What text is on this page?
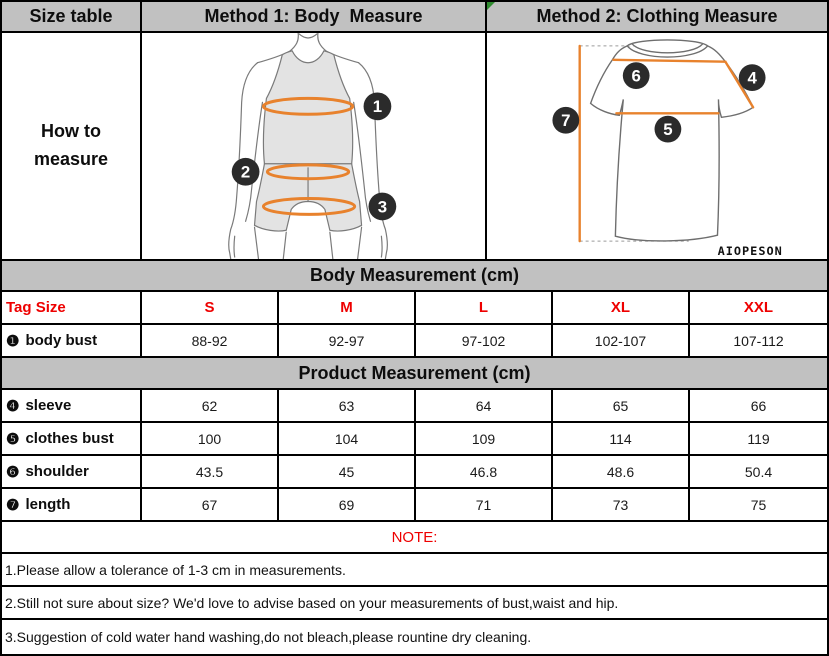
Size table	Method 1: Body  Measure	Method 2: Clothing Measure
How to measure
1
2
3
6	4
7	5
AIOPESON
Body Measurement (cm)
Tag Size	S	M	L	XL	XXL
❶ body bust	88-92	92-97	97-102	102-107	107-112
Product Measurement (cm)
❹ sleeve	62	63	64	65	66
❺ clothes bust	100	104	109	114	119
❻ shoulder	43.5	45	46.8	48.6	50.4
❼ length	67	69	71	73	75
NOTE:
1.Please allow a tolerance of 1-3 cm in measurements.
2.Still not sure about size? We'd love to advise based on your measurements of bust,waist and hip.
3.Suggestion of cold water hand washing,do not bleach,please rountine dry cleaning.
